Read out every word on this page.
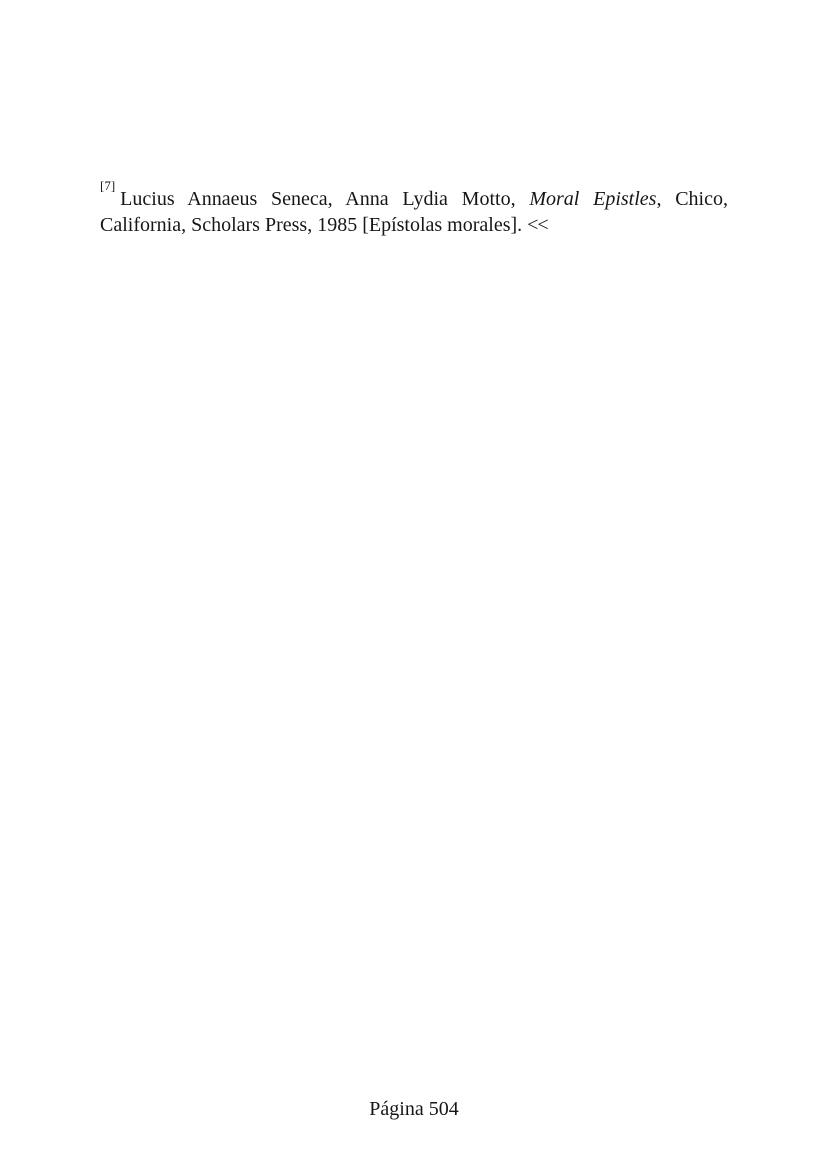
[7]Lucius Annaeus Seneca, Anna Lydia Motto, Moral Epistles, Chico, California, Scholars Press, 1985 [Epístolas morales]. <<

Página 504
